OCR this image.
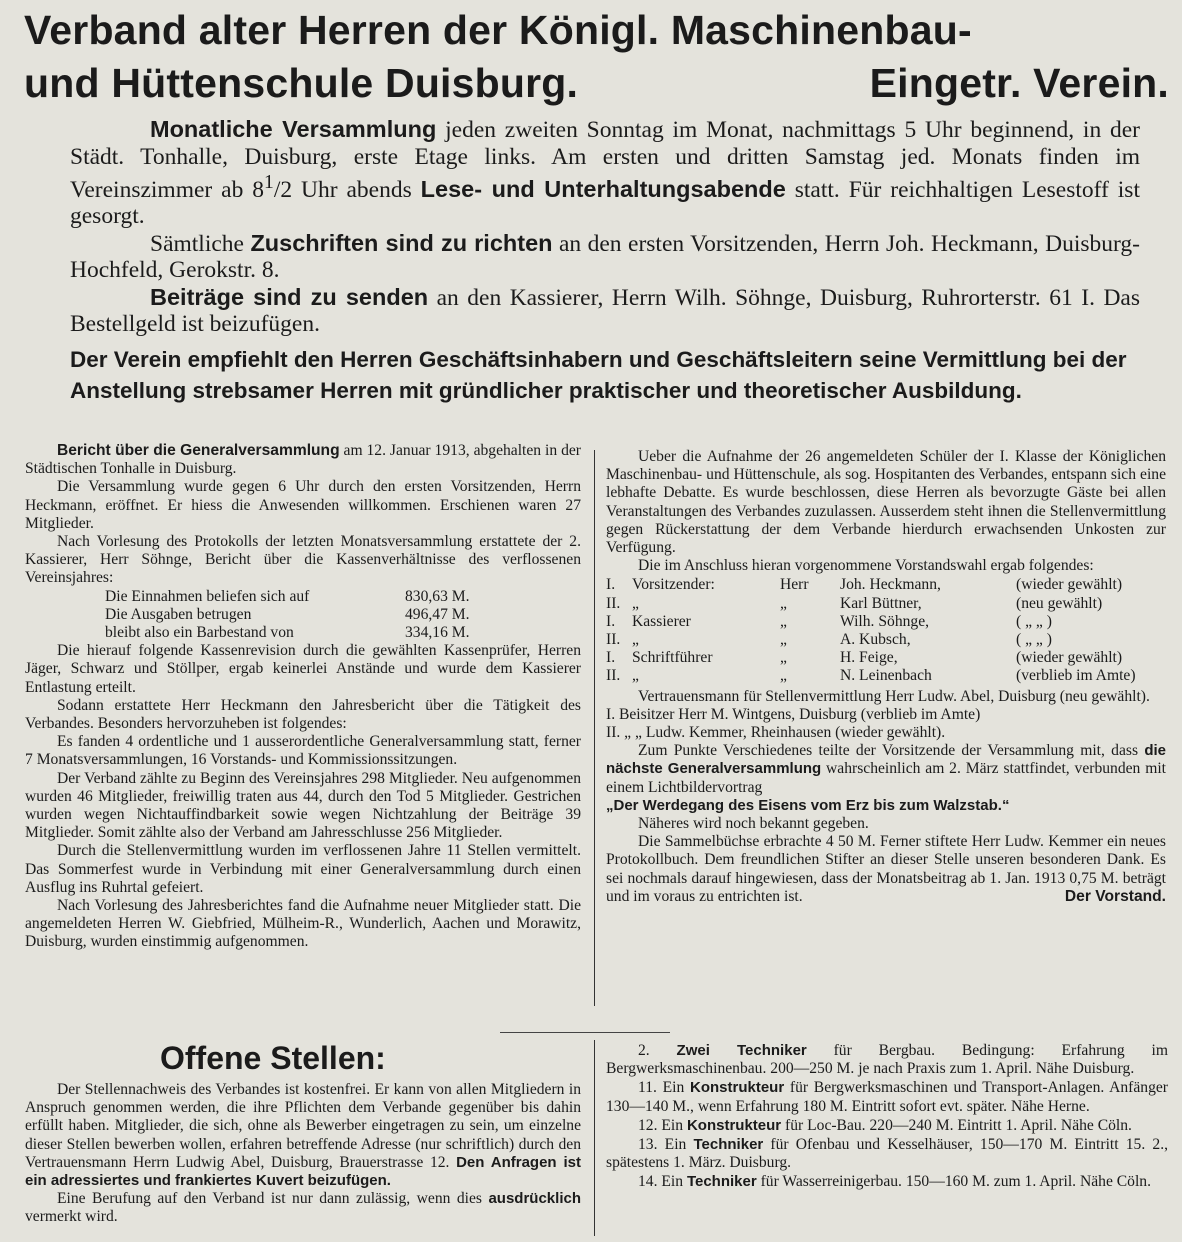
Verband alter Herren der Königl. Maschinenbau-
und Hüttenschule Duisburg.	Eingetr. Verein.

Monatliche Versammlung jeden zweiten Sonntag im Monat, nachmittags 5 Uhr beginnend, in der Städt. Tonhalle, Duisburg, erste Etage links. Am ersten und dritten Samstag jed. Monats finden im Vereinszimmer ab $8^1/2$ Uhr abends Lese- und Unterhaltungsabende statt. Für reichhaltigen Lesestoff ist gesorgt.

Sämtliche Zuschriften sind zu richten an den ersten Vorsitzenden, Herrn Joh. Heckmann, Duisburg-Hochfeld, Gerokstr. 8.

Beiträge sind zu senden an den Kassierer, Herrn Wilh. Söhnge, Duisburg, Ruhrorterstr. 61 I. Das Bestellgeld ist beizufügen.

Der Verein empfiehlt den Herren Geschäftsinhabern und Geschäftsleitern seine Vermittlung bei der Anstellung strebsamer Herren mit gründlicher praktischer und theoretischer Ausbildung.

Bericht über die Generalversammlung am 12. Januar 1913, abgehalten in der Städtischen Tonhalle in Duisburg.

Die Versammlung wurde gegen 6 Uhr durch den ersten Vorsitzenden, Herrn Heckmann, eröffnet. Er hiess die Anwesenden willkommen. Erschienen waren 27 Mitglieder.

Nach Vorlesung des Protokolls der letzten Monatsversammlung erstattete der 2. Kassierer, Herr Söhnge, Bericht über die Kassenverhältnisse des verflossenen Vereinsjahres:

Die Einnahmen beliefen sich auf	830,63 M.
Die Ausgaben betrugen	496,47 M.
bleibt also ein Barbestand von	334,16 M.

Die hierauf folgende Kassenrevision durch die gewählten Kassenprüfer, Herren Jäger, Schwarz und Stöllper, ergab keinerlei Anstände und wurde dem Kassierer Entlastung erteilt.

Sodann erstattete Herr Heckmann den Jahresbericht über die Tätigkeit des Verbandes. Besonders hervorzuheben ist folgendes:

Es fanden 4 ordentliche und 1 ausserordentliche Generalversammlung statt, ferner 7 Monatsversammlungen, 16 Vorstands- und Kommissionssitzungen.

Der Verband zählte zu Beginn des Vereinsjahres 298 Mitglieder. Neu aufgenommen wurden 46 Mitglieder, freiwillig traten aus 44, durch den Tod 5 Mitglieder. Gestrichen wurden wegen Nichtauffindbarkeit sowie wegen Nichtzahlung der Beiträge 39 Mitglieder. Somit zählte also der Verband am Jahresschlusse 256 Mitglieder.

Durch die Stellenvermittlung wurden im verflossenen Jahre 11 Stellen vermittelt. Das Sommerfest wurde in Verbindung mit einer Generalversammlung durch einen Ausflug ins Ruhrtal gefeiert.

Nach Vorlesung des Jahresberichtes fand die Aufnahme neuer Mitglieder statt. Die angemeldeten Herren W. Giebfried, Mülheim-R., Wunderlich, Aachen und Morawitz, Duisburg, wurden einstimmig aufgenommen.

Ueber die Aufnahme der 26 angemeldeten Schüler der I. Klasse der Königlichen Maschinenbau- und Hüttenschule, als sog. Hospitanten des Verbandes, entspann sich eine lebhafte Debatte. Es wurde beschlossen, diese Herren als bevorzugte Gäste bei allen Veranstaltungen des Verbandes zuzulassen. Ausserdem steht ihnen die Stellenvermittlung gegen Rückerstattung der dem Verbande hierdurch erwachsenden Unkosten zur Verfügung.

Die im Anschluss hieran vorgenommene Vorstandswahl ergab folgendes:

I.	Vorsitzender:	Herr	Joh. Heckmann,	(wieder gewählt)
II. „	„	Karl Büttner,	(neu gewählt)
I.	Kassierer	„	Wilh. Söhnge,	( „ „ )
II. „	„	A. Kubsch,	( „ „ )
I.	Schriftführer	„	H. Feige,	(wieder gewählt)
II. „	„	N. Leinenbach	(verblieb im Amte)

Vertrauensmann für Stellenvermittlung Herr Ludw. Abel, Duisburg (neu gewählt).

I. Beisitzer Herr M. Wintgens, Duisburg (verblieb im Amte)

II. „ „ Ludw. Kemmer, Rheinhausen (wieder gewählt).

Zum Punkte Verschiedenes teilte der Vorsitzende der Versammlung mit, dass die nächste Generalversammlung wahrscheinlich am 2. März stattfindet, verbunden mit einem Lichtbildervortrag

„Der Werdegang des Eisens vom Erz bis zum Walzstab.“

Näheres wird noch bekannt gegeben.

Die Sammelbüchse erbrachte 4 50 M. Ferner stiftete Herr Ludw. Kemmer ein neues Protokollbuch. Dem freundlichen Stifter an dieser Stelle unseren besonderen Dank. Es sei nochmals darauf hingewiesen, dass der Monatsbeitrag ab 1. Jan. 1913 0,75 M. beträgt und im voraus zu entrichten ist.	Der Vorstand.

Offene Stellen:

Der Stellennachweis des Verbandes ist kostenfrei. Er kann von allen Mitgliedern in Anspruch genommen werden, die ihre Pflichten dem Verbande gegenüber bis dahin erfüllt haben. Mitglieder, die sich, ohne als Bewerber eingetragen zu sein, um einzelne dieser Stellen bewerben wollen, erfahren betreffende Adresse (nur schriftlich) durch den Vertrauensmann Herrn Ludwig Abel, Duisburg, Brauerstrasse 12. Den Anfragen ist ein adressiertes und frankiertes Kuvert beizufügen.

Eine Berufung auf den Verband ist nur dann zulässig, wenn dies ausdrücklich vermerkt wird.

2. Zwei Techniker für Bergbau. Bedingung: Erfahrung im Bergwerksmaschinenbau. 200—250 M. je nach Praxis zum 1. April. Nähe Duisburg.

11. Ein Konstrukteur für Bergwerksmaschinen und Transport-Anlagen. Anfänger 130—140 M., wenn Erfahrung 180 M. Eintritt sofort evt. später. Nähe Herne.

12. Ein Konstrukteur für Loc-Bau. 220—240 M. Eintritt 1. April. Nähe Cöln.

13. Ein Techniker für Ofenbau und Kesselhäuser, 150—170 M. Eintritt 15. 2., spätestens 1. März. Duisburg.

14. Ein Techniker für Wasserreinigerbau. 150—160 M. zum 1. April. Nähe Cöln.
